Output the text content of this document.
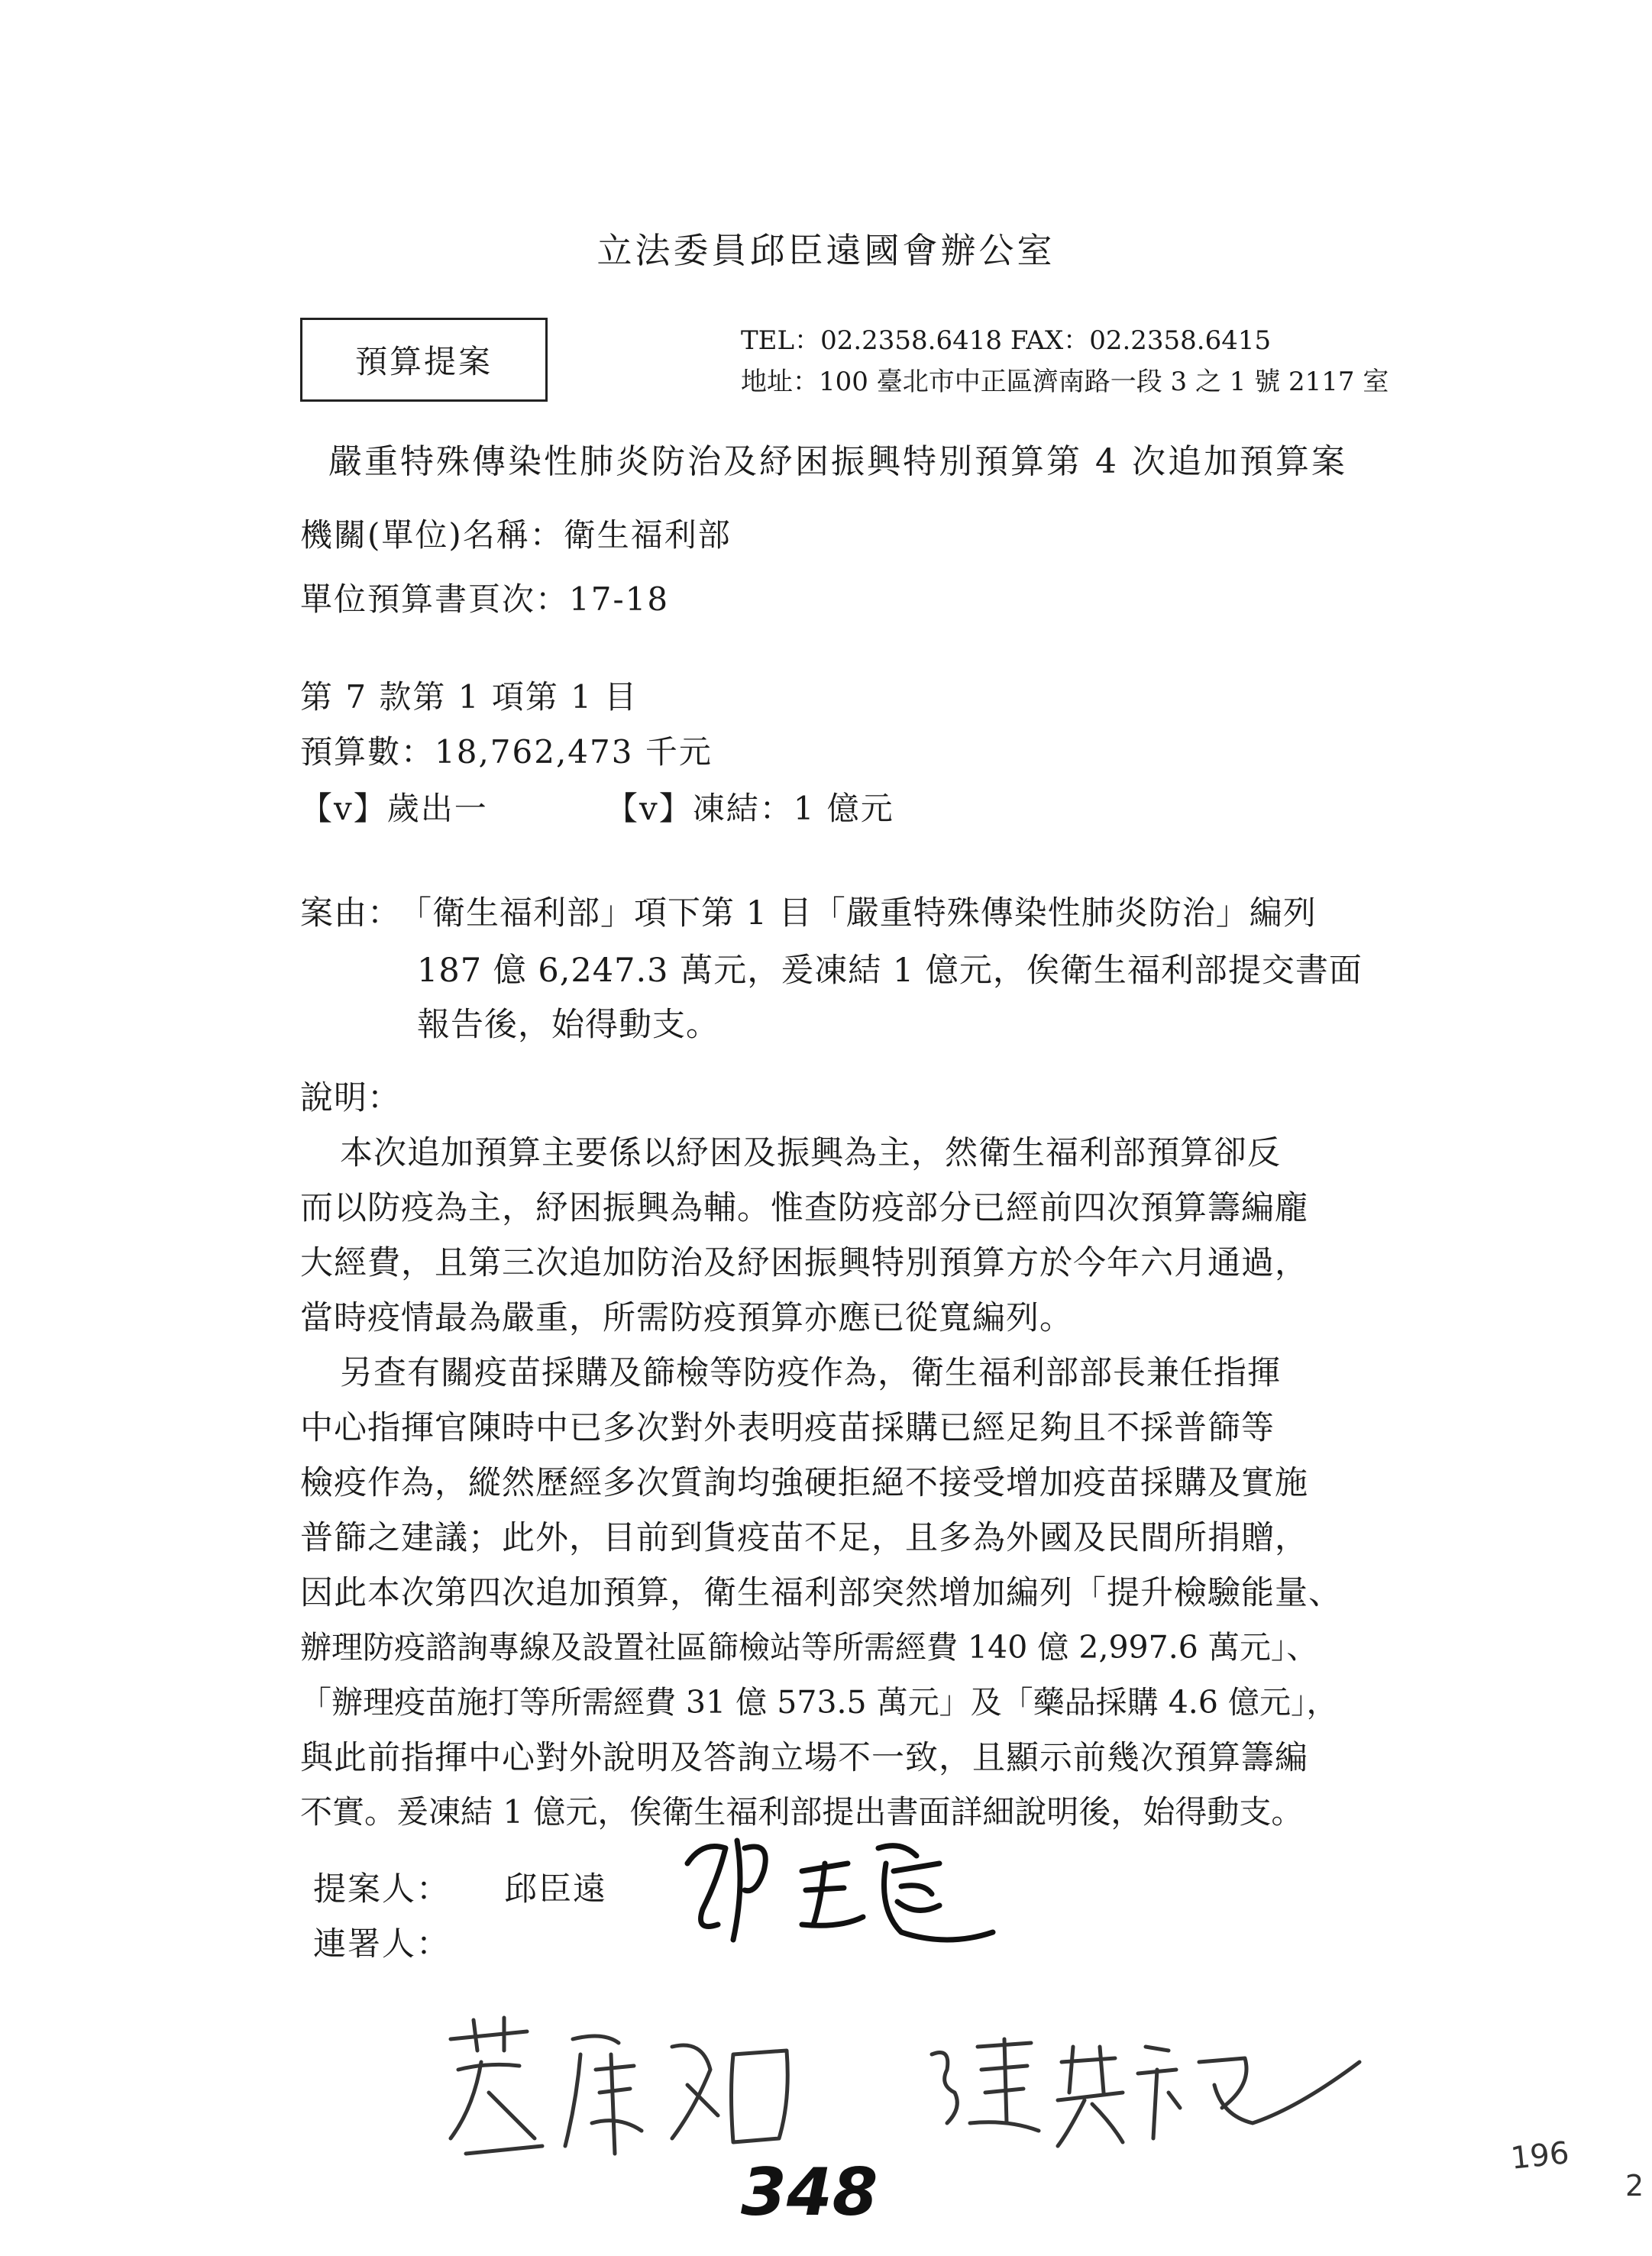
立法委員邱臣遠國會辦公室
預算提案
TEL：02.2358.6418 FAX：02.2358.6415
地址：100 臺北市中正區濟南路一段 3 之 1 號 2117 室
嚴重特殊傳染性肺炎防治及紓困振興特別預算第 4 次追加預算案
機關(單位)名稱：衛生福利部
單位預算書頁次：17-18
第 7 款第 1 項第 1 目
預算數：18,762,473 千元
【v】歲出一	【v】凍結：1 億元
案由：
「衛生福利部」項下第 1 目「嚴重特殊傳染性肺炎防治」編列
187 億 6,247.3 萬元，爰凍結 1 億元，俟衛生福利部提交書面
報告後，始得動支。
說明：
本次追加預算主要係以紓困及振興為主，然衛生福利部預算卻反
而以防疫為主，紓困振興為輔。惟查防疫部分已經前四次預算籌編龐
大經費，且第三次追加防治及紓困振興特別預算方於今年六月通過，
當時疫情最為嚴重，所需防疫預算亦應已從寬編列。
另查有關疫苗採購及篩檢等防疫作為，衛生福利部部長兼任指揮
中心指揮官陳時中已多次對外表明疫苗採購已經足夠且不採普篩等
檢疫作為，縱然歷經多次質詢均強硬拒絕不接受增加疫苗採購及實施
普篩之建議；此外，目前到貨疫苗不足，且多為外國及民間所捐贈，
因此本次第四次追加預算，衛生福利部突然增加編列「提升檢驗能量、
辦理防疫諮詢專線及設置社區篩檢站等所需經費 140 億 2,997.6 萬元」、
「辦理疫苗施打等所需經費 31 億 573.5 萬元」及「藥品採購 4.6 億元」，
與此前指揮中心對外說明及答詢立場不一致，且顯示前幾次預算籌編
不實。爰凍結 1 億元，俟衛生福利部提出書面詳細說明後，始得動支。
提案人： 邱臣遠
連署人：
348	196
2
